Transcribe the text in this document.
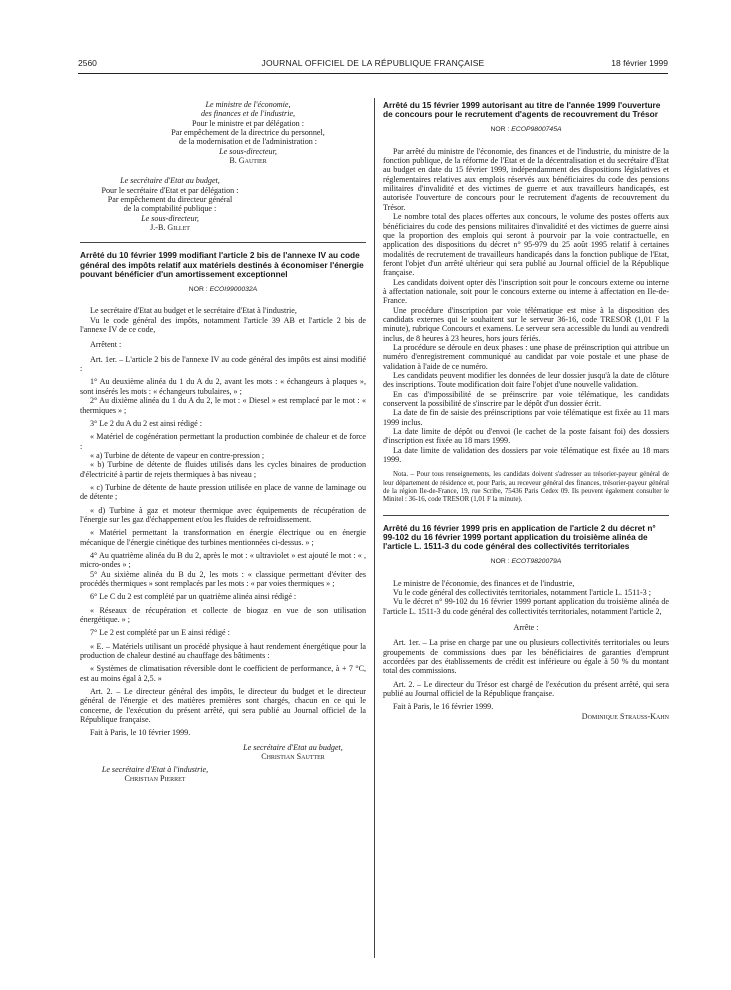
2560	JOURNAL OFFICIEL DE LA RÉPUBLIQUE FRANÇAISE	18 février 1999

Le ministre de l'économie,

des finances et de l'industrie,

Pour le ministre et par délégation :

Par empêchement de la directrice du personnel,

de la modernisation et de l'administration :

Le sous-directeur,

B. Gautier

Le secrétaire d'Etat au budget,

Pour le secrétaire d'Etat et par délégation :

Par empêchement du directeur général

de la comptabilité publique :

Le sous-directeur,

J.-B. Gillet

Arrêté du 10 février 1999 modifiant l'article 2 bis de l'annexe IV au code général des impôts relatif aux matériels destinés à économiser l'énergie pouvant bénéficier d'un amortissement exceptionnel

NOR : ECOI9900032A

Le secrétaire d'Etat au budget et le secrétaire d'Etat à l'industrie,

Vu le code général des impôts, notamment l'article 39 AB et l'article 2 bis de l'annexe IV de ce code,

Arrêtent :

Art. 1er. – L'article 2 bis de l'annexe IV au code général des impôts est ainsi modifié :

1° Au deuxième alinéa du 1 du A du 2, avant les mots : « échangeurs à plaques », sont insérés les mots : « échangeurs tubulaires, » ;

2° Au dixième alinéa du 1 du A du 2, le mot : « Diesel » est remplacé par le mot : « thermiques » ;

3° Le 2 du A du 2 est ainsi rédigé :

« Matériel de cogénération permettant la production combinée de chaleur et de force :

« a) Turbine de détente de vapeur en contre-pression ;

« b) Turbine de détente de fluides utilisés dans les cycles binaires de production d'électricité à partir de rejets thermiques à bas niveau ;

« c) Turbine de détente de haute pression utilisée en place de vanne de laminage ou de détente ;

« d) Turbine à gaz et moteur thermique avec équipements de récupération de l'énergie sur les gaz d'échappement et/ou les fluides de refroidissement.

« Matériel permettant la transformation en énergie électrique ou en énergie mécanique de l'énergie cinétique des turbines mentionnées ci-dessus. » ;

4° Au quatrième alinéa du B du 2, après le mot : « ultraviolet » est ajouté le mot : « , micro-ondes » ;

5° Au sixième alinéa du B du 2, les mots : « classique permettant d'éviter des procédés thermiques » sont remplacés par les mots : « par voies thermiques » ;

6° Le C du 2 est complété par un quatrième alinéa ainsi rédigé :

« Réseaux de récupération et collecte de biogaz en vue de son utilisation énergétique. » ;

7° Le 2 est complété par un E ainsi rédigé :

« E. – Matériels utilisant un procédé physique à haut rendement énergétique pour la production de chaleur destiné au chauffage des bâtiments :

« Systèmes de climatisation réversible dont le coefficient de performance, à + 7 °C, est au moins égal à 2,5. »

Art. 2. – Le directeur général des impôts, le directeur du budget et le directeur général de l'énergie et des matières premières sont chargés, chacun en ce qui le concerne, de l'exécution du présent arrêté, qui sera publié au Journal officiel de la République française.

Fait à Paris, le 10 février 1999.

Le secrétaire d'Etat au budget,

Christian Sautter

Le secrétaire d'Etat à l'industrie,

Christian Pierret

Arrêté du 15 février 1999 autorisant au titre de l'année 1999 l'ouverture de concours pour le recrutement d'agents de recouvrement du Trésor

NOR : ECOP9800745A

Par arrêté du ministre de l'économie, des finances et de l'industrie, du ministre de la fonction publique, de la réforme de l'Etat et de la décentralisation et du secrétaire d'Etat au budget en date du 15 février 1999, indépendamment des dispositions législatives et réglementaires relatives aux emplois réservés aux bénéficiaires du code des pensions militaires d'invalidité et des victimes de guerre et aux travailleurs handicapés, est autorisée l'ouverture de concours pour le recrutement d'agents de recouvrement du Trésor.

Le nombre total des places offertes aux concours, le volume des postes offerts aux bénéficiaires du code des pensions militaires d'invalidité et des victimes de guerre ainsi que la proportion des emplois qui seront à pourvoir par la voie contractuelle, en application des dispositions du décret n° 95-979 du 25 août 1995 relatif à certaines modalités de recrutement de travailleurs handicapés dans la fonction publique de l'Etat, feront l'objet d'un arrêté ultérieur qui sera publié au Journal officiel de la République française.

Les candidats doivent opter dès l'inscription soit pour le concours externe ou interne à affectation nationale, soit pour le concours externe ou interne à affectation en Ile-de-France.

Une procédure d'inscription par voie télématique est mise à la disposition des candidats externes qui le souhaitent sur le serveur 36-16, code TRESOR (1,01 F la minute), rubrique Concours et examens. Le serveur sera accessible du lundi au vendredi inclus, de 8 heures à 23 heures, hors jours fériés.

La procédure se déroule en deux phases : une phase de préinscription qui attribue un numéro d'enregistrement communiqué au candidat par voie postale et une phase de validation à l'aide de ce numéro.

Les candidats peuvent modifier les données de leur dossier jusqu'à la date de clôture des inscriptions. Toute modification doit faire l'objet d'une nouvelle validation.

En cas d'impossibilité de se préinscrire par voie télématique, les candidats conservent la possibilité de s'inscrire par le dépôt d'un dossier écrit.

La date de fin de saisie des préinscriptions par voie télématique est fixée au 11 mars 1999 inclus.

La date limite de dépôt ou d'envoi (le cachet de la poste faisant foi) des dossiers d'inscription est fixée au 18 mars 1999.

La date limite de validation des dossiers par voie télématique est fixée au 18 mars 1999.

Nota. – Pour tous renseignements, les candidats doivent s'adresser au trésorier-payeur général de leur département de résidence et, pour Paris, au receveur général des finances, trésorier-payeur général de la région Ile-de-France, 19, rue Scribe, 75436 Paris Cedex 09. Ils peuvent également consulter le Minitel : 36-16, code TRESOR (1,01 F la minute).

Arrêté du 16 février 1999 pris en application de l'article 2 du décret n° 99-102 du 16 février 1999 portant application du troisième alinéa de l'article L. 1511-3 du code général des collectivités territoriales

NOR : ECOT9820079A

Le ministre de l'économie, des finances et de l'industrie,

Vu le code général des collectivités territoriales, notamment l'article L. 1511-3 ;

Vu le décret n° 99-102 du 16 février 1999 portant application du troisième alinéa de l'article L. 1511-3 du code général des collectivités territoriales, notamment l'article 2,

Arrête :

Art. 1er. – La prise en charge par une ou plusieurs collectivités territoriales ou leurs groupements de commissions dues par les bénéficiaires de garanties d'emprunt accordées par des établissements de crédit est inférieure ou égale à 50 % du montant total des commissions.

Art. 2. – Le directeur du Trésor est chargé de l'exécution du présent arrêté, qui sera publié au Journal officiel de la République française.

Fait à Paris, le 16 février 1999.

Dominique Strauss-Kahn
